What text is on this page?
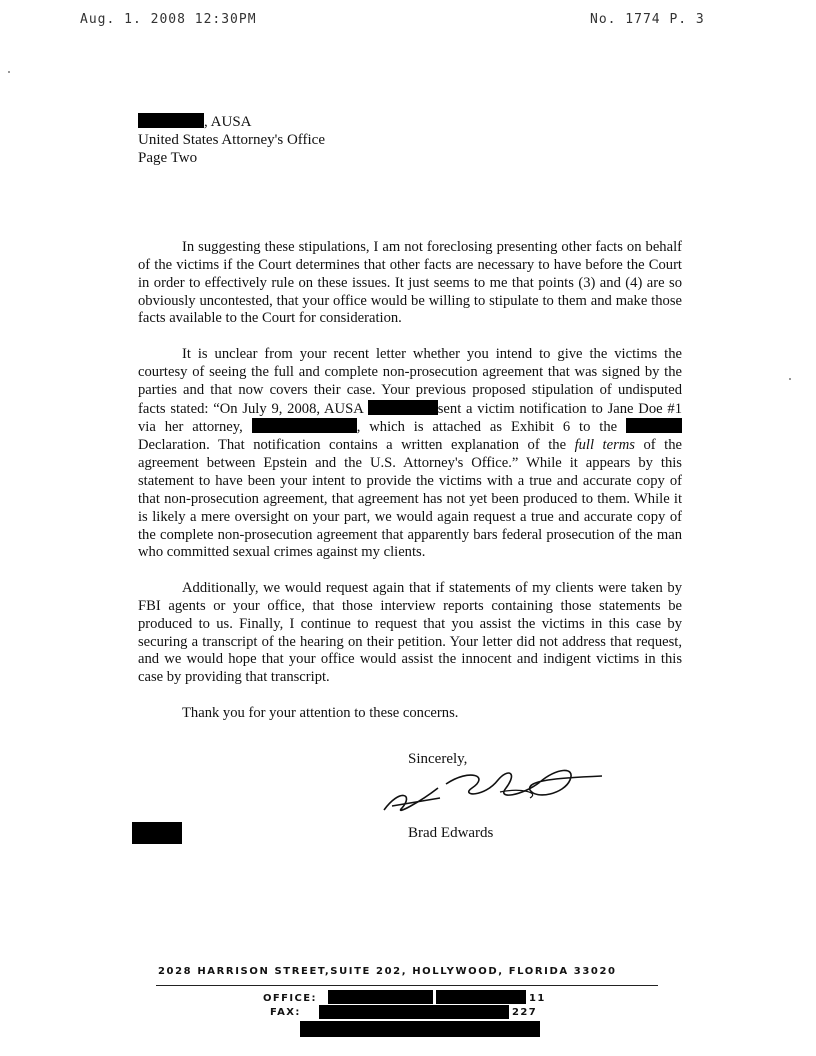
Aug. 1. 2008 12:30PM	No. 1774 P. 3
, AUSA
United States Attorney's Office
Page Two

In suggesting these stipulations, I am not foreclosing presenting other facts on behalf of the victims if the Court determines that other facts are necessary to have before the Court in order to effectively rule on these issues. It just seems to me that points (3) and (4) are so obviously uncontested, that your office would be willing to stipulate to them and make those facts available to the Court for consideration.

It is unclear from your recent letter whether you intend to give the victims the courtesy of seeing the full and complete non-prosecution agreement that was signed by the parties and that now covers their case. Your previous proposed stipulation of undisputed facts stated: “On July 9, 2008, AUSA	sent a victim notification to Jane Doe #1 via her attorney,	, which is attached as Exhibit 6 to the  Declaration. That notification contains a written explanation of the full terms of the agreement between Epstein and the U.S. Attorney's Office.” While it appears by this statement to have been your intent to provide the victims with a true and accurate copy of that non-prosecution agreement, that agreement has not yet been produced to them. While it is likely a mere oversight on your part, we would again request a true and accurate copy of the complete non-prosecution agreement that apparently bars federal prosecution of the man who committed sexual crimes against my clients.

Additionally, we would request again that if statements of my clients were taken by FBI agents or your office, that those interview reports containing those statements be produced to us. Finally, I continue to request that you assist the victims in this case by securing a transcript of the hearing on their petition. Your letter did not address that request, and we would hope that your office would assist the innocent and indigent victims in this case by providing that transcript.

Thank you for your attention to these concerns.

Sincerely,
Brad Edwards
2028 HARRISON STREET,SUITE 202, HOLLYWOOD, FLORIDA 33020
OFFICE:	11
FAX:	227
